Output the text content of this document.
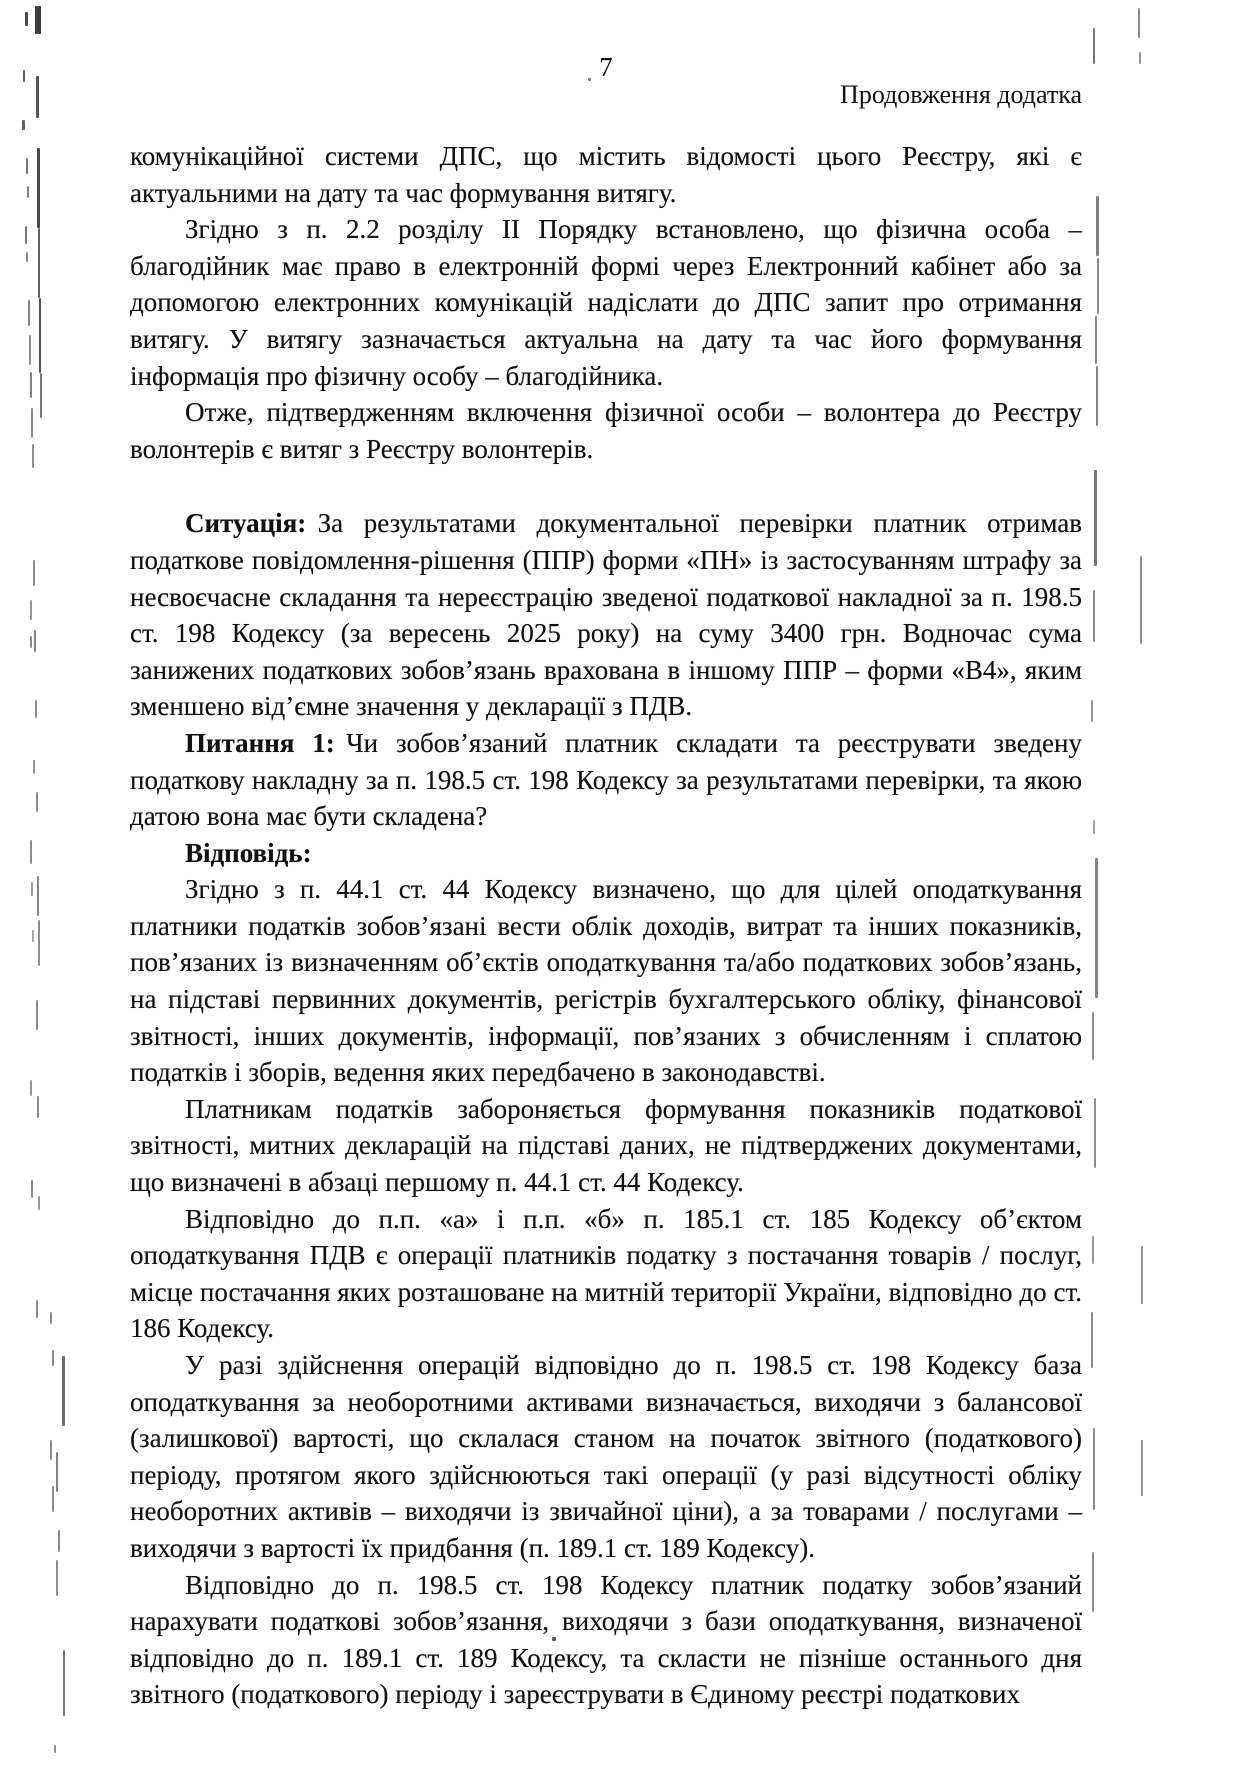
7
Продовження додатка

комунікаційної системи ДПС, що містить відомості цього Реєстру, які є актуальними на дату та час формування витягу.

Згідно з п. 2.2 розділу ІІ Порядку встановлено, що фізична особа – благодійник має право в електронній формі через Електронний кабінет або за допомогою електронних комунікацій надіслати до ДПС запит про отримання витягу. У витягу зазначається актуальна на дату та час його формування інформація про фізичну особу – благодійника.

Отже, підтвердженням включення фізичної особи – волонтера до Реєстру волонтерів є витяг з Реєстру волонтерів.

Ситуація: За результатами документальної перевірки платник отримав податкове повідомлення-рішення (ППР) форми «ПН» із застосуванням штрафу за несвоєчасне складання та нереєстрацію зведеної податкової накладної за п. 198.5 ст. 198 Кодексу (за вересень 2025 року) на суму 3400 грн. Водночас сума занижених податкових зобов’язань врахована в іншому ППР – форми «В4», яким зменшено від’ємне значення у декларації з ПДВ.

Питання 1: Чи зобов’язаний платник складати та реєструвати зведену податкову накладну за п. 198.5 ст. 198 Кодексу за результатами перевірки, та якою датою вона має бути складена?

Відповідь:

Згідно з п. 44.1 ст. 44 Кодексу визначено, що для цілей оподаткування платники податків зобов’язані вести облік доходів, витрат та інших показників, пов’язаних із визначенням об’єктів оподаткування та/або податкових зобов’язань, на підставі первинних документів, регістрів бухгалтерського обліку, фінансової звітності, інших документів, інформації, пов’язаних з обчисленням і сплатою податків і зборів, ведення яких передбачено в законодавстві.

Платникам податків забороняється формування показників податкової звітності, митних декларацій на підставі даних, не підтверджених документами, що визначені в абзаці першому п. 44.1 ст. 44 Кодексу.

Відповідно до п.п. «а» і п.п. «б» п. 185.1 ст. 185 Кодексу об’єктом оподаткування ПДВ є операції платників податку з постачання товарів / послуг, місце постачання яких розташоване на митній території України, відповідно до ст. 186 Кодексу.

У разі здійснення операцій відповідно до п. 198.5 ст. 198 Кодексу база оподаткування за необоротними активами визначається, виходячи з балансової (залишкової) вартості, що склалася станом на початок звітного (податкового) періоду, протягом якого здійснюються такі операції (у разі відсутності обліку необоротних активів – виходячи із звичайної ціни), а за товарами / послугами – виходячи з вартості їх придбання (п. 189.1 ст. 189 Кодексу).

Відповідно до п. 198.5 ст. 198 Кодексу платник податку зобов’язаний нарахувати податкові зобов’язання, виходячи з бази оподаткування, визначеної відповідно до п. 189.1 ст. 189 Кодексу, та скласти не пізніше останнього дня звітного (податкового) періоду і зареєструвати в Єдиному реєстрі податкових
